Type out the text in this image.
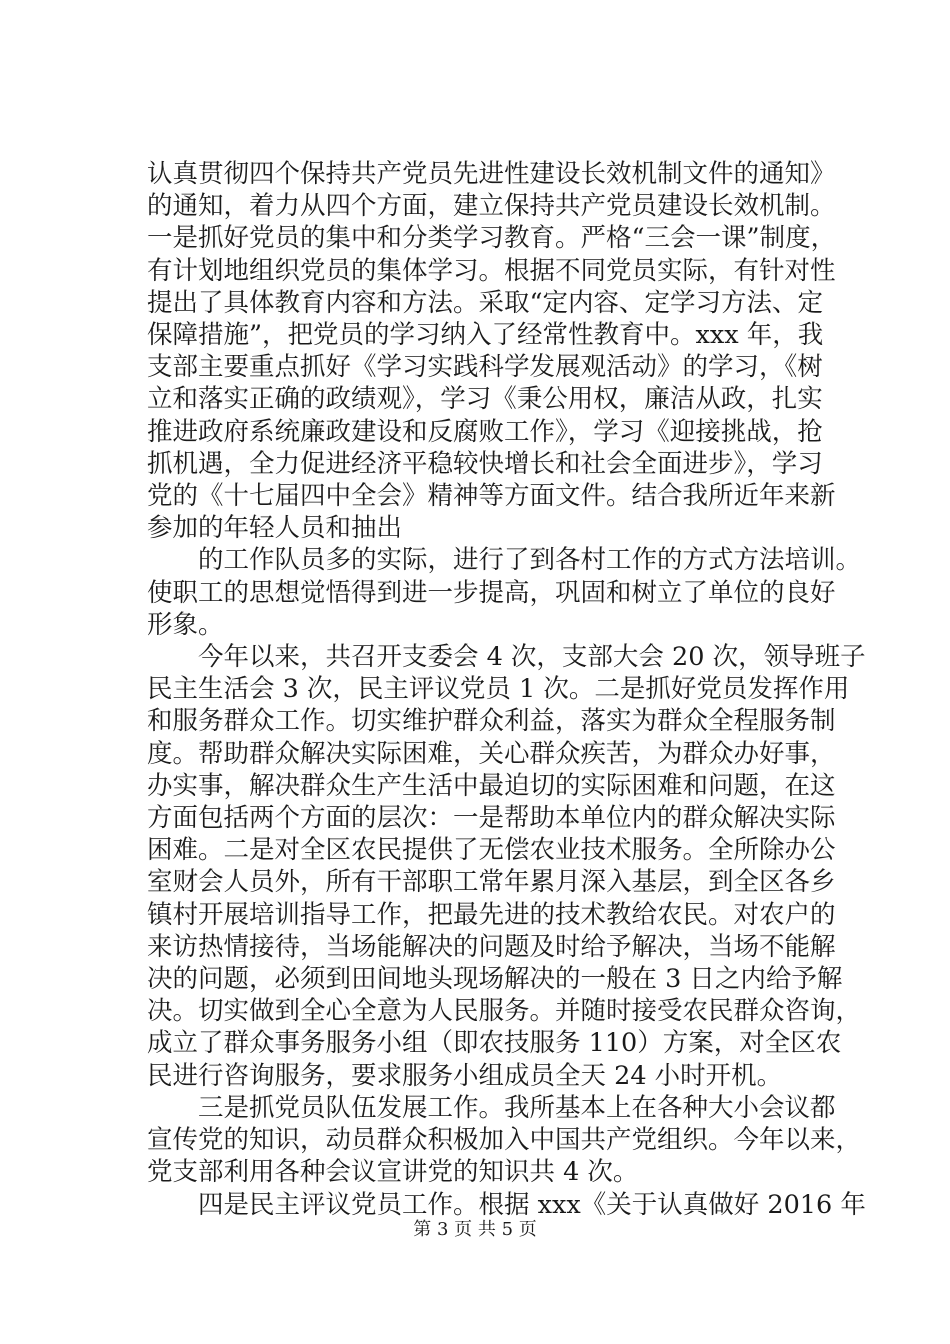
认真贯彻四个保持共产党员先进性建设长效机制文件的通知》
的通知，着力从四个方面，建立保持共产党员建设长效机制。
一是抓好党员的集中和分类学习教育。严格“三会一课”制度，
有计划地组织党员的集体学习。根据不同党员实际，有针对性
提出了具体教育内容和方法。采取“定内容、定学习方法、定
保障措施”，把党员的学习纳入了经常性教育中。xxx 年，我
支部主要重点抓好《学习实践科学发展观活动》的学习，《树
立和落实正确的政绩观》，学习《秉公用权，廉洁从政，扎实
推进政府系统廉政建设和反腐败工作》，学习《迎接挑战，抢
抓机遇，全力促进经济平稳较快增长和社会全面进步》，学习
党的《十七届四中全会》精神等方面文件。结合我所近年来新
参加的年轻人员和抽出
的工作队员多的实际，进行了到各村工作的方式方法培训。
使职工的思想觉悟得到进一步提高，巩固和树立了单位的良好
形象。
今年以来，共召开支委会 4 次，支部大会 20 次，领导班子
民主生活会 3 次，民主评议党员 1 次。二是抓好党员发挥作用
和服务群众工作。切实维护群众利益，落实为群众全程服务制
度。帮助群众解决实际困难，关心群众疾苦，为群众办好事，
办实事，解决群众生产生活中最迫切的实际困难和问题，在这
方面包括两个方面的层次：一是帮助本单位内的群众解决实际
困难。二是对全区农民提供了无偿农业技术服务。全所除办公
室财会人员外，所有干部职工常年累月深入基层，到全区各乡
镇村开展培训指导工作，把最先进的技术教给农民。对农户的
来访热情接待，当场能解决的问题及时给予解决，当场不能解
决的问题，必须到田间地头现场解决的一般在 3 日之内给予解
决。切实做到全心全意为人民服务。并随时接受农民群众咨询，
成立了群众事务服务小组（即农技服务 110）方案，对全区农
民进行咨询服务，要求服务小组成员全天 24 小时开机。
三是抓党员队伍发展工作。我所基本上在各种大小会议都
宣传党的知识，动员群众积极加入中国共产党组织。今年以来，
党支部利用各种会议宣讲党的知识共 4 次。
四是民主评议党员工作。根据 xxx《关于认真做好 2016 年
第 3 页 共 5 页
